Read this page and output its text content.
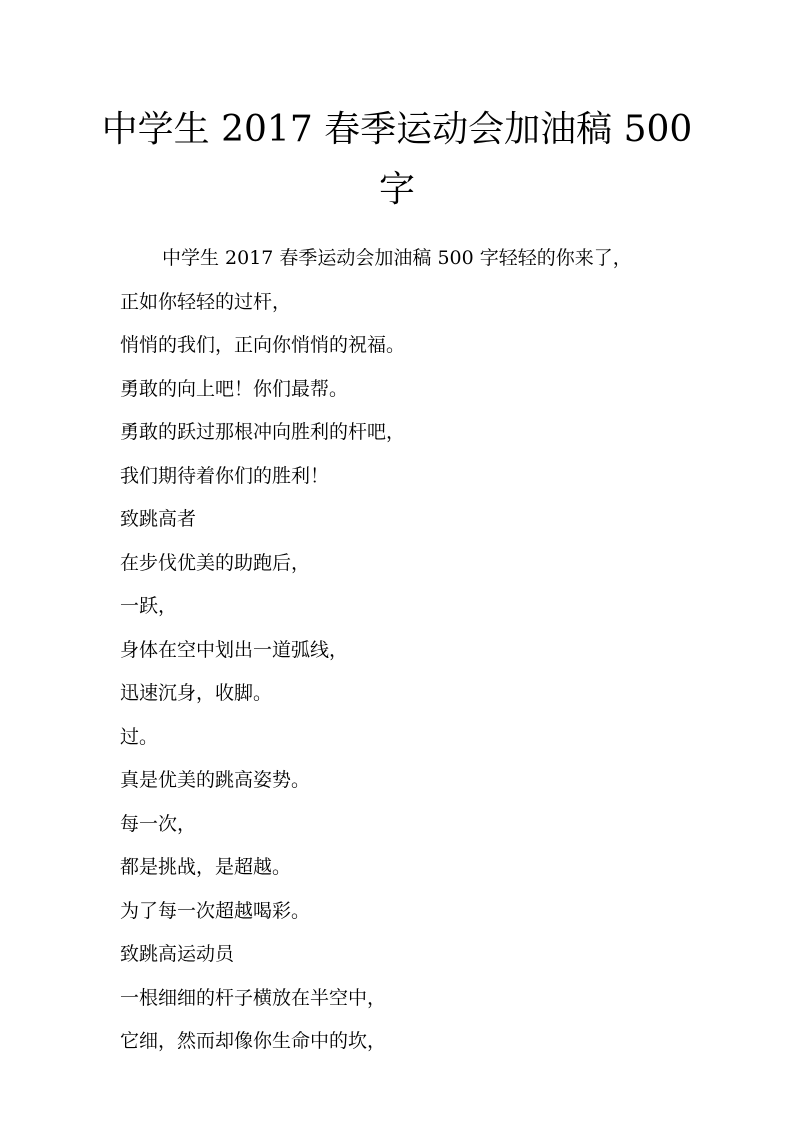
中学生 2017 春季运动会加油稿 500
字

中学生 2017 春季运动会加油稿 500 字轻轻的你来了，

正如你轻轻的过杆，

悄悄的我们，正向你悄悄的祝福。

勇敢的向上吧！你们最帮。

勇敢的跃过那根冲向胜利的杆吧，

我们期待着你们的胜利！

致跳高者

在步伐优美的助跑后，

一跃，

身体在空中划出一道弧线，

迅速沉身，收脚。

过。

真是优美的跳高姿势。

每一次，

都是挑战，是超越。

为了每一次超越喝彩。

致跳高运动员

一根细细的杆子横放在半空中，

它细，然而却像你生命中的坎，
